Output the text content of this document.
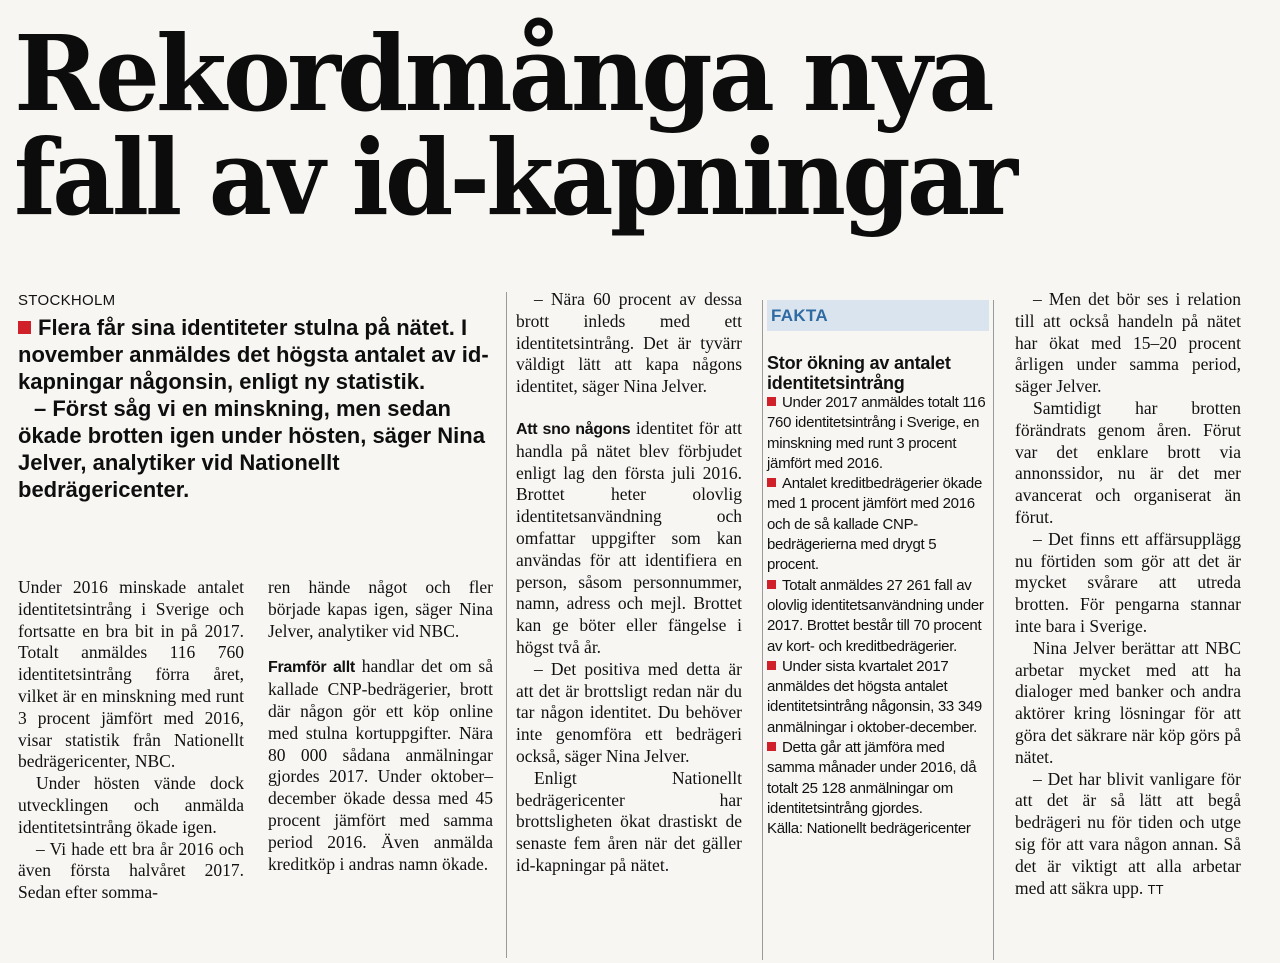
Rekordmånga nya
fall av id-kapningar
STOCKHOLM

Flera får sina identiteter stulna på nätet. I november anmäldes det högsta antalet av id-kapningar någonsin, enligt ny statistik.

– Först såg vi en minskning, men sedan ökade brotten igen under hösten, säger Nina Jelver, analytiker vid Nationellt bedrägericenter.

Under 2016 minskade antalet identitetsintrång i Sverige och fortsatte en bra bit in på 2017. Totalt anmäldes 116 760 identitetsintrång förra året, vilket är en minskning med runt 3 procent jämfört med 2016, visar statistik från Nationellt bedrägericenter, NBC.

Under hösten vände dock utvecklingen och anmälda identitetsintrång ökade igen.

– Vi hade ett bra år 2016 och även första halvåret 2017. Sedan efter somma-

ren hände något och fler började kapas igen, säger Nina Jelver, analytiker vid NBC.

Framför allt handlar det om så kallade CNP-bedrägerier, brott där någon gör ett köp online med stulna kortuppgifter. Nära 80 000 sådana anmälningar gjordes 2017. Under oktober–december ökade dessa med 45 procent jämfört med samma period 2016. Även anmälda kreditköp i andras namn ökade.

– Nära 60 procent av dessa brott inleds med ett identitetsintrång. Det är tyvärr väldigt lätt att kapa någons identitet, säger Nina Jelver.

Att sno någons identitet för att handla på nätet blev förbjudet enligt lag den första juli 2016. Brottet heter olovlig identitetsanvändning och omfattar uppgifter som kan användas för att identifiera en person, såsom personnummer, namn, adress och mejl. Brottet kan ge böter eller fängelse i högst två år.

– Det positiva med detta är att det är brottsligt redan när du tar någon identitet. Du behöver inte genomföra ett bedrägeri också, säger Nina Jelver.

Enligt Nationellt bedrägericenter har brottsligheten ökat drastiskt de senaste fem åren när det gäller id-kapningar på nätet.

FAKTA
Stor ökning av antalet identitetsintrång

Under 2017 anmäldes totalt 116 760 identitetsintrång i Sverige, en minskning med runt 3 procent jämfört med 2016.

Antalet kreditbedrägerier ökade med 1 procent jämfört med 2016 och de så kallade CNP-bedrägerierna med drygt 5 procent.

Totalt anmäldes 27 261 fall av olovlig identitetsanvändning under 2017. Brottet består till 70 procent av kort- och kreditbedrägerier.

Under sista kvartalet 2017 anmäldes det högsta antalet identitetsintrång någonsin, 33 349 anmälningar i oktober-december.

Detta går att jämföra med samma månader under 2016, då totalt 25 128 anmälningar om identitetsintrång gjordes.

Källa: Nationellt bedrägericenter

– Men det bör ses i relation till att också handeln på nätet har ökat med 15–20 procent årligen under samma period, säger Jelver.

Samtidigt har brotten förändrats genom åren. Förut var det enklare brott via annonssidor, nu är det mer avancerat och organiserat än förut.

– Det finns ett affärsupplägg nu förtiden som gör att det är mycket svårare att utreda brotten. För pengarna stannar inte bara i Sverige.

Nina Jelver berättar att NBC arbetar mycket med att ha dialoger med banker och andra aktörer kring lösningar för att göra det säkrare när köp görs på nätet.

– Det har blivit vanligare för att det är så lätt att begå bedrägeri nu för tiden och utge sig för att vara någon annan. Så det är viktigt att alla arbetar med att säkra upp. TT
